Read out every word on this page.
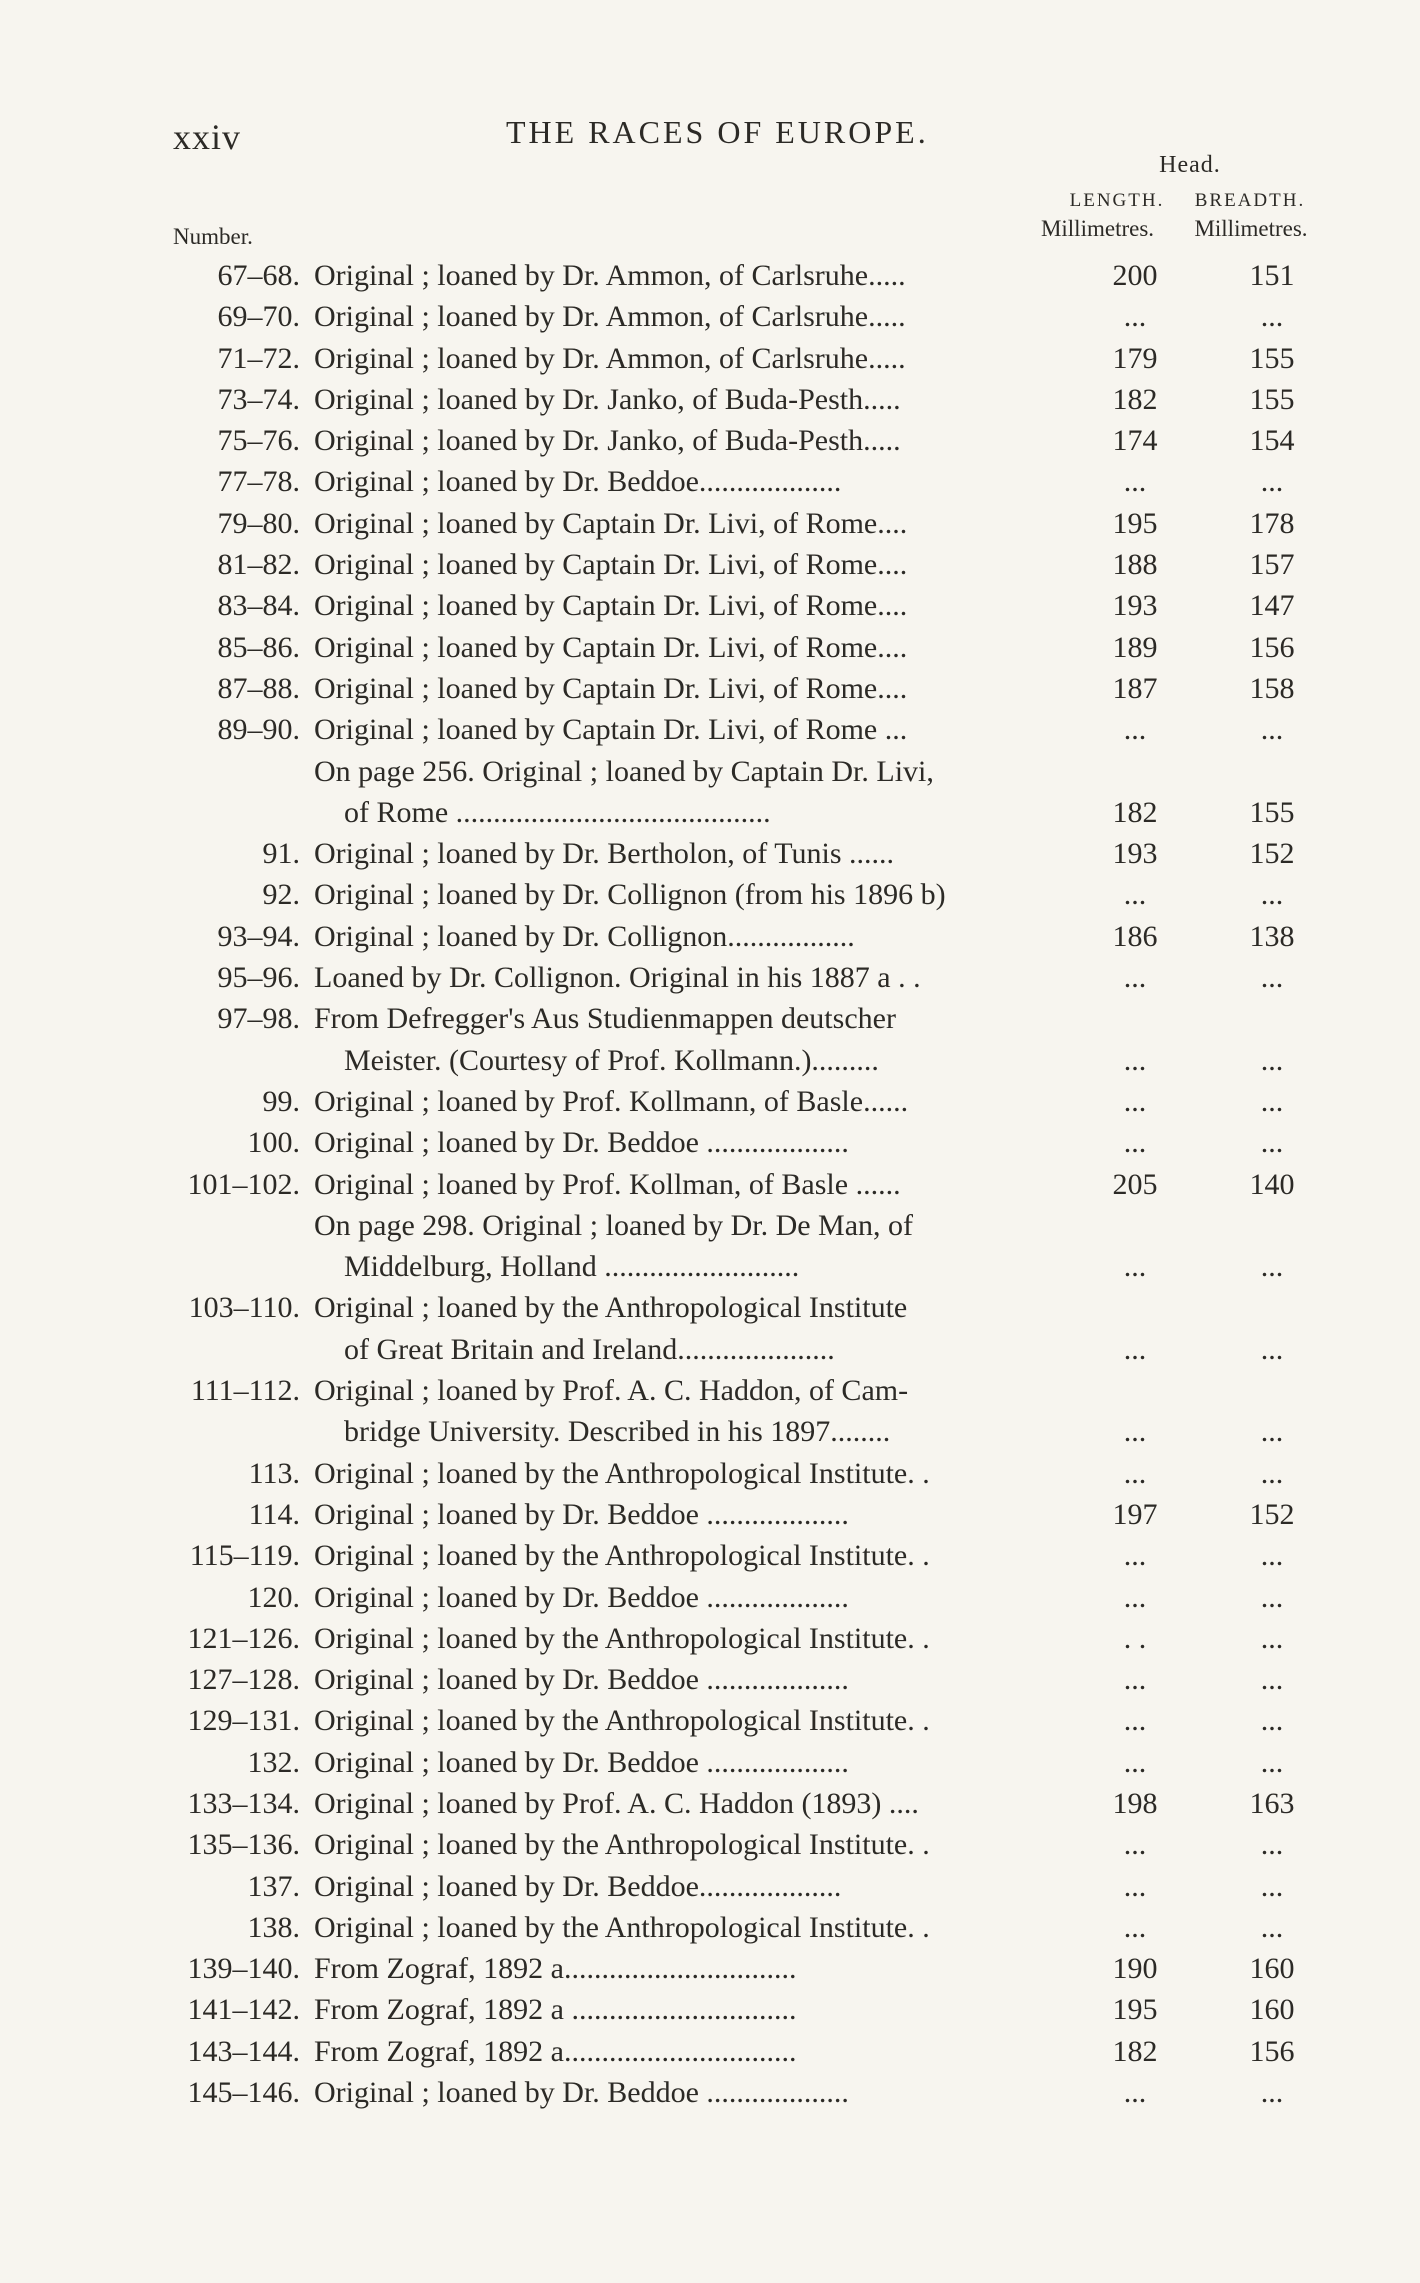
xxiv	THE RACES OF EUROPE.
Head.
LENGTH.	BREADTH.
Millimetres.	Millimetres.
Number.
67–68. Original ; loaned by Dr. Ammon, of Carlsruhe.....	200	151
69–70. Original ; loaned by Dr. Ammon, of Carlsruhe.....	...	...
71–72. Original ; loaned by Dr. Ammon, of Carlsruhe.....	179	155
73–74. Original ; loaned by Dr. Janko, of Buda-Pesth.....	182	155
75–76. Original ; loaned by Dr. Janko, of Buda-Pesth.....	174	154
77–78. Original ; loaned by Dr. Beddoe...................	...	...
79–80. Original ; loaned by Captain Dr. Livi, of Rome....	195	178
81–82. Original ; loaned by Captain Dr. Livi, of Rome....	188	157
83–84. Original ; loaned by Captain Dr. Livi, of Rome....	193	147
85–86. Original ; loaned by Captain Dr. Livi, of Rome....	189	156
87–88. Original ; loaned by Captain Dr. Livi, of Rome....	187	158
89–90. Original ; loaned by Captain Dr. Livi, of Rome ...	...	...
On page 256. Original ; loaned by Captain Dr. Livi,
of Rome ..........................................	182	155
91. Original ; loaned by Dr. Bertholon, of Tunis ......	193	152
92. Original ; loaned by Dr. Collignon (from his 1896 b)	...	...
93–94. Original ; loaned by Dr. Collignon.................	186	138
95–96. Loaned by Dr. Collignon. Original in his 1887 a . .	...	...
97–98. From Defregger's Aus Studienmappen deutscher
Meister. (Courtesy of Prof. Kollmann.).........	...	...
99. Original ; loaned by Prof. Kollmann, of Basle......	...	...
100. Original ; loaned by Dr. Beddoe ...................	...	...
101–102. Original ; loaned by Prof. Kollman, of Basle ......	205	140
On page 298. Original ; loaned by Dr. De Man, of
Middelburg, Holland ..........................	...	...
103–110. Original ; loaned by the Anthropological Institute
of Great Britain and Ireland.....................	...	...
111–112. Original ; loaned by Prof. A. C. Haddon, of Cam-
bridge University. Described in his 1897........	...	...
113. Original ; loaned by the Anthropological Institute. .	...	...
114. Original ; loaned by Dr. Beddoe ...................	197	152
115–119. Original ; loaned by the Anthropological Institute. .	...	...
120. Original ; loaned by Dr. Beddoe ...................	...	...
121–126. Original ; loaned by the Anthropological Institute. .	. .	...
127–128. Original ; loaned by Dr. Beddoe ...................	...	...
129–131. Original ; loaned by the Anthropological Institute. .	...	...
132. Original ; loaned by Dr. Beddoe ...................	...	...
133–134. Original ; loaned by Prof. A. C. Haddon (1893) ....	198	163
135–136. Original ; loaned by the Anthropological Institute. .	...	...
137. Original ; loaned by Dr. Beddoe...................	...	...
138. Original ; loaned by the Anthropological Institute. .	...	...
139–140. From Zograf, 1892 a...............................	190	160
141–142. From Zograf, 1892 a ..............................	195	160
143–144. From Zograf, 1892 a...............................	182	156
145–146. Original ; loaned by Dr. Beddoe ...................	...	...
